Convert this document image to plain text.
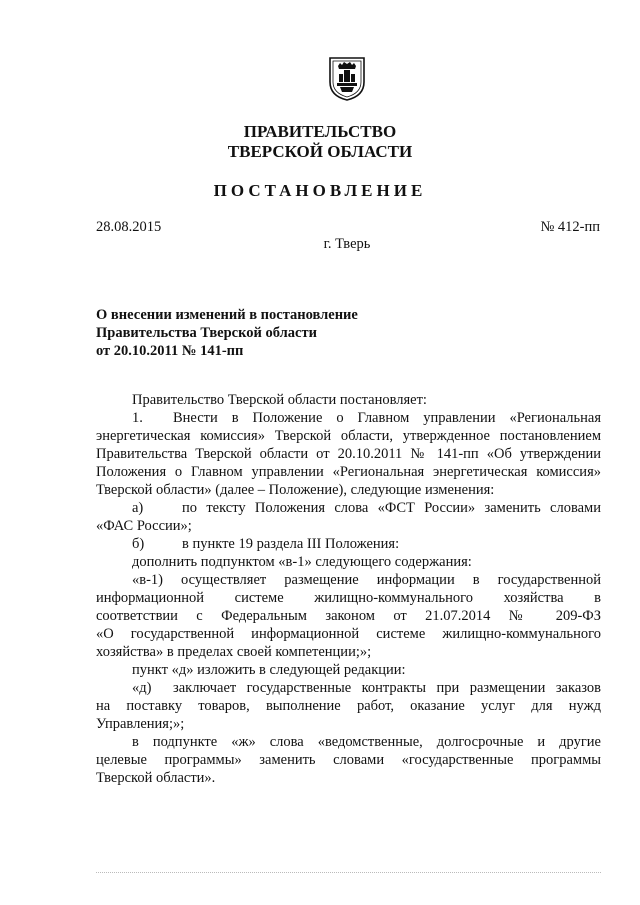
ПРАВИТЕЛЬСТВО
ТВЕРСКОЙ ОБЛАСТИ
ПОСТАНОВЛЕНИЕ
28.08.2015	№ 412-пп
г. Тверь
О внесении изменений в постановление
Правительства Тверской области
от 20.10.2011 № 141-пп

Правительство Тверской области постановляет:

1. Внести в Положение о Главном управлении «Региональная

энергетическая комиссия» Тверской области, утвержденное постановлением

Правительства Тверской области от 20.10.2011 № 141-пп «Об утверждении

Положения о Главном управлении «Региональная энергетическая комиссия»

Тверской области» (далее – Положение), следующие изменения:

а)	по тексту Положения слова «ФСТ России» заменить словами

«ФАС России»;

б)	в пункте 19 раздела III Положения:

дополнить подпунктом «в-1» следующего содержания:

«в-1) осуществляет размещение информации в государственной

информационной системе жилищно-коммунального хозяйства в

соответствии с Федеральным законом от 21.07.2014 № 209-ФЗ

«О государственной информационной системе жилищно-коммунального

хозяйства» в пределах своей компетенции;»;

пункт «д» изложить в следующей редакции:

«д) заключает государственные контракты при размещении заказов

на поставку товаров, выполнение работ, оказание услуг для нужд

Управления;»;

в подпункте «ж» слова «ведомственные, долгосрочные и другие

целевые программы» заменить словами «государственные программы

Тверской области».
